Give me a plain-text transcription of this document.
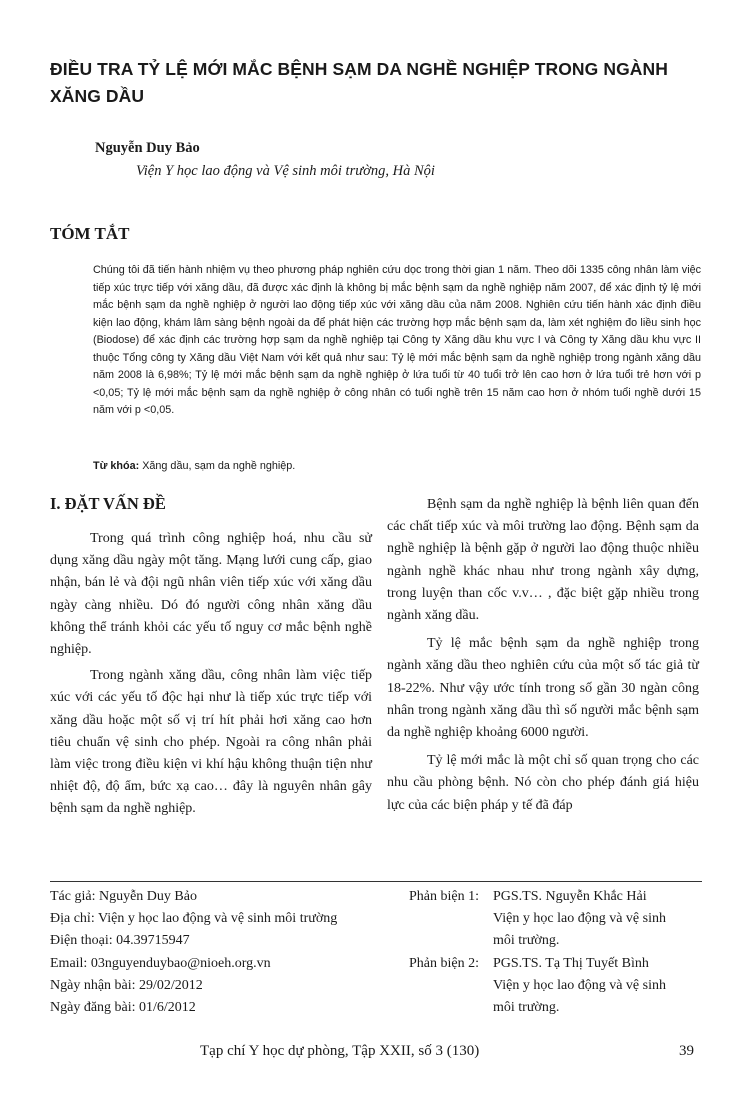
ĐIỀU TRA TỶ LỆ MỚI MẮC BỆNH SẠM DA NGHỀ NGHIỆP TRONG NGÀNH XĂNG DẦU

Nguyễn Duy Bảo

Viện Y học lao động và Vệ sinh môi trường, Hà Nội

TÓM TẮT

Chúng tôi đã tiến hành nhiệm vụ theo phương pháp nghiên cứu dọc trong thời gian 1 năm. Theo dõi 1335 công nhân làm việc tiếp xúc trực tiếp với xăng dầu, đã được xác định là không bị mắc bệnh sạm da nghề nghiệp năm 2007, để xác định tỷ lệ mới mắc bệnh sạm da nghề nghiệp ở người lao động tiếp xúc với xăng dầu của năm 2008. Nghiên cứu tiến hành xác định điều kiện lao động, khám lâm sàng bệnh ngoài da để phát hiện các trường hợp mắc bệnh sạm da, làm xét nghiệm đo liều sinh học (Biodose) để xác định các trường hợp sạm da nghề nghiệp tại Công ty Xăng dầu khu vực I và Công ty Xăng dầu khu vực II thuộc Tổng công ty Xăng dầu Việt Nam với kết quả như sau: Tỷ lệ mới mắc bệnh sạm da nghề nghiệp trong ngành xăng dầu năm 2008 là 6,98%; Tỷ lệ mới mắc bệnh sạm da nghề nghiệp ở lứa tuổi từ 40 tuổi trở lên cao hơn ở lứa tuổi trẻ hơn với p <0,05; Tỷ lệ mới mắc bệnh sạm da nghề nghiệp ở công nhân có tuổi nghề trên 15 năm cao hơn ở nhóm tuổi nghề dưới 15 năm với p <0,05.

Từ khóa: Xăng dầu, sạm da nghề nghiệp.

I. ĐẶT VẤN ĐỀ

Trong quá trình công nghiệp hoá, nhu cầu sử dụng xăng dầu ngày một tăng. Mạng lưới cung cấp, giao nhận, bán lẻ và đội ngũ nhân viên tiếp xúc với xăng dầu ngày càng nhiều. Dó đó người công nhân xăng dầu không thể tránh khỏi các yếu tố nguy cơ mắc bệnh nghề nghiệp.

Trong ngành xăng dầu, công nhân làm việc tiếp xúc với các yếu tố độc hại như là tiếp xúc trực tiếp với xăng dầu hoặc một số vị trí hít phải hơi xăng cao hơn tiêu chuẩn vệ sinh cho phép. Ngoài ra công nhân phải làm việc trong điều kiện vi khí hậu không thuận tiện như nhiệt độ, độ ẩm, bức xạ cao… đây là nguyên nhân gây bệnh sạm da nghề nghiệp.

Bệnh sạm da nghề nghiệp là bệnh liên quan đến các chất tiếp xúc và môi trường lao động. Bệnh sạm da nghề nghiệp là bệnh gặp ở người lao động thuộc nhiều ngành nghề khác nhau như trong ngành xây dựng, trong luyện than cốc v.v… , đặc biệt gặp nhiều trong ngành xăng dầu.

Tỷ lệ mắc bệnh sạm da nghề nghiệp trong ngành xăng dầu theo nghiên cứu của một số tác giả từ 18-22%. Như vậy ước tính trong số gần 30 ngàn công nhân trong ngành xăng dầu thì số người mắc bệnh sạm da nghề nghiệp khoảng 6000 người.

Tỷ lệ mới mắc là một chỉ số quan trọng cho các nhu cầu phòng bệnh. Nó còn cho phép đánh giá hiệu lực của các biện pháp y tế đã đáp

Tác giả: Nguyễn Duy Bảo
Địa chỉ: Viện y học lao động và vệ sinh môi trường
Điện thoại: 04.39715947
Email: 03nguyenduybao@nioeh.org.vn
Ngày nhận bài: 29/02/2012
Ngày đăng bài: 01/6/2012
Phản biện 1: PGS.TS. Nguyễn Khắc Hải
Viện y học lao động và vệ sinh
môi trường.
Phản biện 2: PGS.TS. Tạ Thị Tuyết Bình
Viện y học lao động và vệ sinh
môi trường.

Tạp chí Y học dự phòng, Tập XXII, số 3 (130)	39
